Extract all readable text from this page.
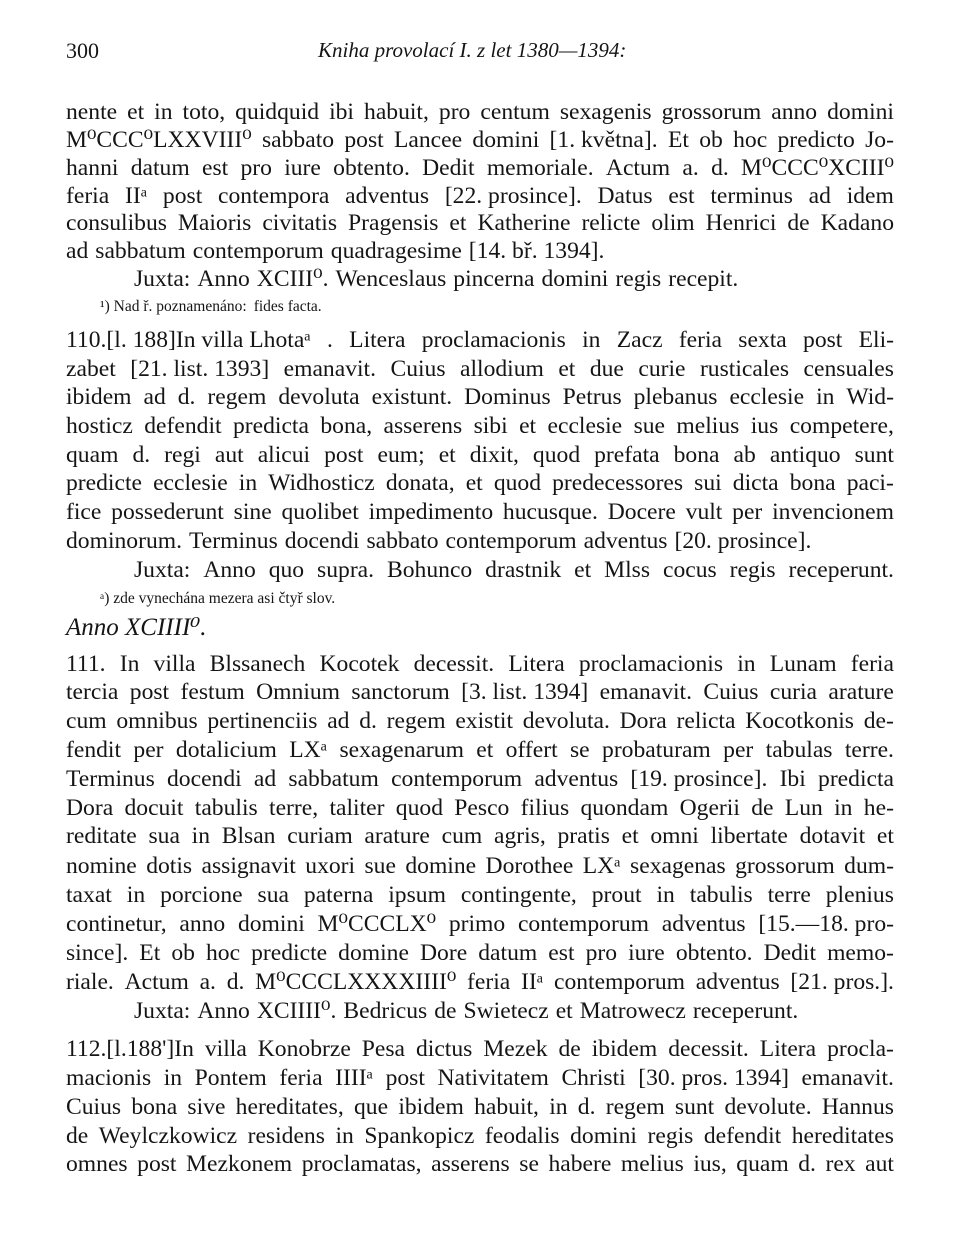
300	Kniha provolací I. z let 1380—1394:
nente et in toto, quidquid ibi habuit, pro centum sexagenis grossorum anno domini
M⁰CCC⁰LXXVIII⁰ sabbato post Lancee domini [1. května]. Et ob hoc predicto Jo-
hanni datum est pro iure obtento. Dedit memoriale. Actum a. d. M⁰CCC⁰XCIII⁰
feria IIᵃ post contempora adventus [22. prosince]. Datus est terminus ad idem
consulibus Maioris civitatis Pragensis et Katherine relicte olim Henrici de Kadano
ad sabbatum contemporum quadragesime [14. bř. 1394].
Juxta: Anno XCIII⁰. Wenceslaus pincerna domini regis recepit.
¹) Nad ř. poznamenáno: fides facta.
110.[l. 188]In villa Lhotaᵃ . Litera proclamacionis in Zacz feria sexta post Eli-
zabet [21. list. 1393] emanavit. Cuius allodium et due curie rusticales censuales
ibidem ad d. regem devoluta existunt. Dominus Petrus plebanus ecclesie in Wid-
hosticz defendit predicta bona, asserens sibi et ecclesie sue melius ius competere,
quam d. regi aut alicui post eum; et dixit, quod prefata bona ab antiquo sunt
predicte ecclesie in Widhosticz donata, et quod predecessores sui dicta bona paci-
fice possederunt sine quolibet impedimento hucusque. Docere vult per invencionem
dominorum. Terminus docendi sabbato contemporum adventus [20. prosince].
Juxta: Anno quo supra. Bohunco drastnik et Mlss cocus regis receperunt.
ᵃ) zde vynechána mezera asi čtyř slov.
Anno XCIIII⁰.
111. In villa Blssanech Kocotek decessit. Litera proclamacionis in Lunam feria
tercia post festum Omnium sanctorum [3. list. 1394] emanavit. Cuius curia arature
cum omnibus pertinenciis ad d. regem existit devoluta. Dora relicta Kocotkonis de-
fendit per dotalicium LXᵃ sexagenarum et offert se probaturam per tabulas terre.
Terminus docendi ad sabbatum contemporum adventus [19. prosince]. Ibi predicta
Dora docuit tabulis terre, taliter quod Pesco filius quondam Ogerii de Lun in he-
reditate sua in Blsan curiam arature cum agris, pratis et omni libertate dotavit et
nomine dotis assignavit uxori sue domine Dorothee LXᵃ sexagenas grossorum dum-
taxat in porcione sua paterna ipsum contingente, prout in tabulis terre plenius
continetur, anno domini M⁰CCCLX⁰ primo contemporum adventus [15.—18. pro-
since]. Et ob hoc predicte domine Dore datum est pro iure obtento. Dedit memo-
riale. Actum a. d. M⁰CCCLXXXXIIII⁰ feria IIᵃ contemporum adventus [21. pros.].
Juxta: Anno XCIIII⁰. Bedricus de Swietecz et Matrowecz receperunt.
112.[l.188']In villa Konobrze Pesa dictus Mezek de ibidem decessit. Litera procla-
macionis in Pontem feria IIIIᵃ post Nativitatem Christi [30. pros. 1394] emanavit.
Cuius bona sive hereditates, que ibidem habuit, in d. regem sunt devolute. Hannus
de Weylczkowicz residens in Spankopicz feodalis domini regis defendit hereditates
omnes post Mezkonem proclamatas, asserens se habere melius ius, quam d. rex aut
